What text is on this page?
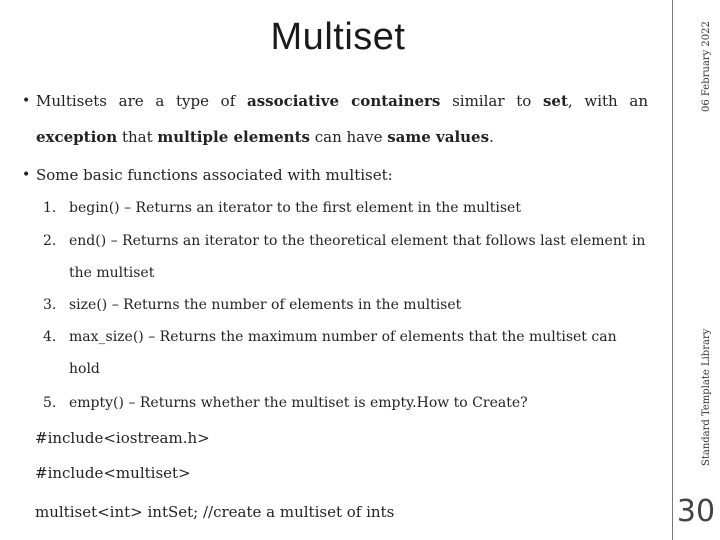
Multiset	06 February 2022
Standard Template Library
30
• Multisets are a type of associative containers similar to set, with an
exception that multiple elements can have same values.
• Some basic functions associated with multiset:
1. begin() – Returns an iterator to the first element in the multiset
2. end() – Returns an iterator to the theoretical element that follows last element in
the multiset
3. size() – Returns the number of elements in the multiset
4. max_size() – Returns the maximum number of elements that the multiset can
hold
5. empty() – Returns whether the multiset is empty.How to Create?
#include<iostream.h>
#include<multiset>
multiset<int> intSet; //create a multiset of ints
